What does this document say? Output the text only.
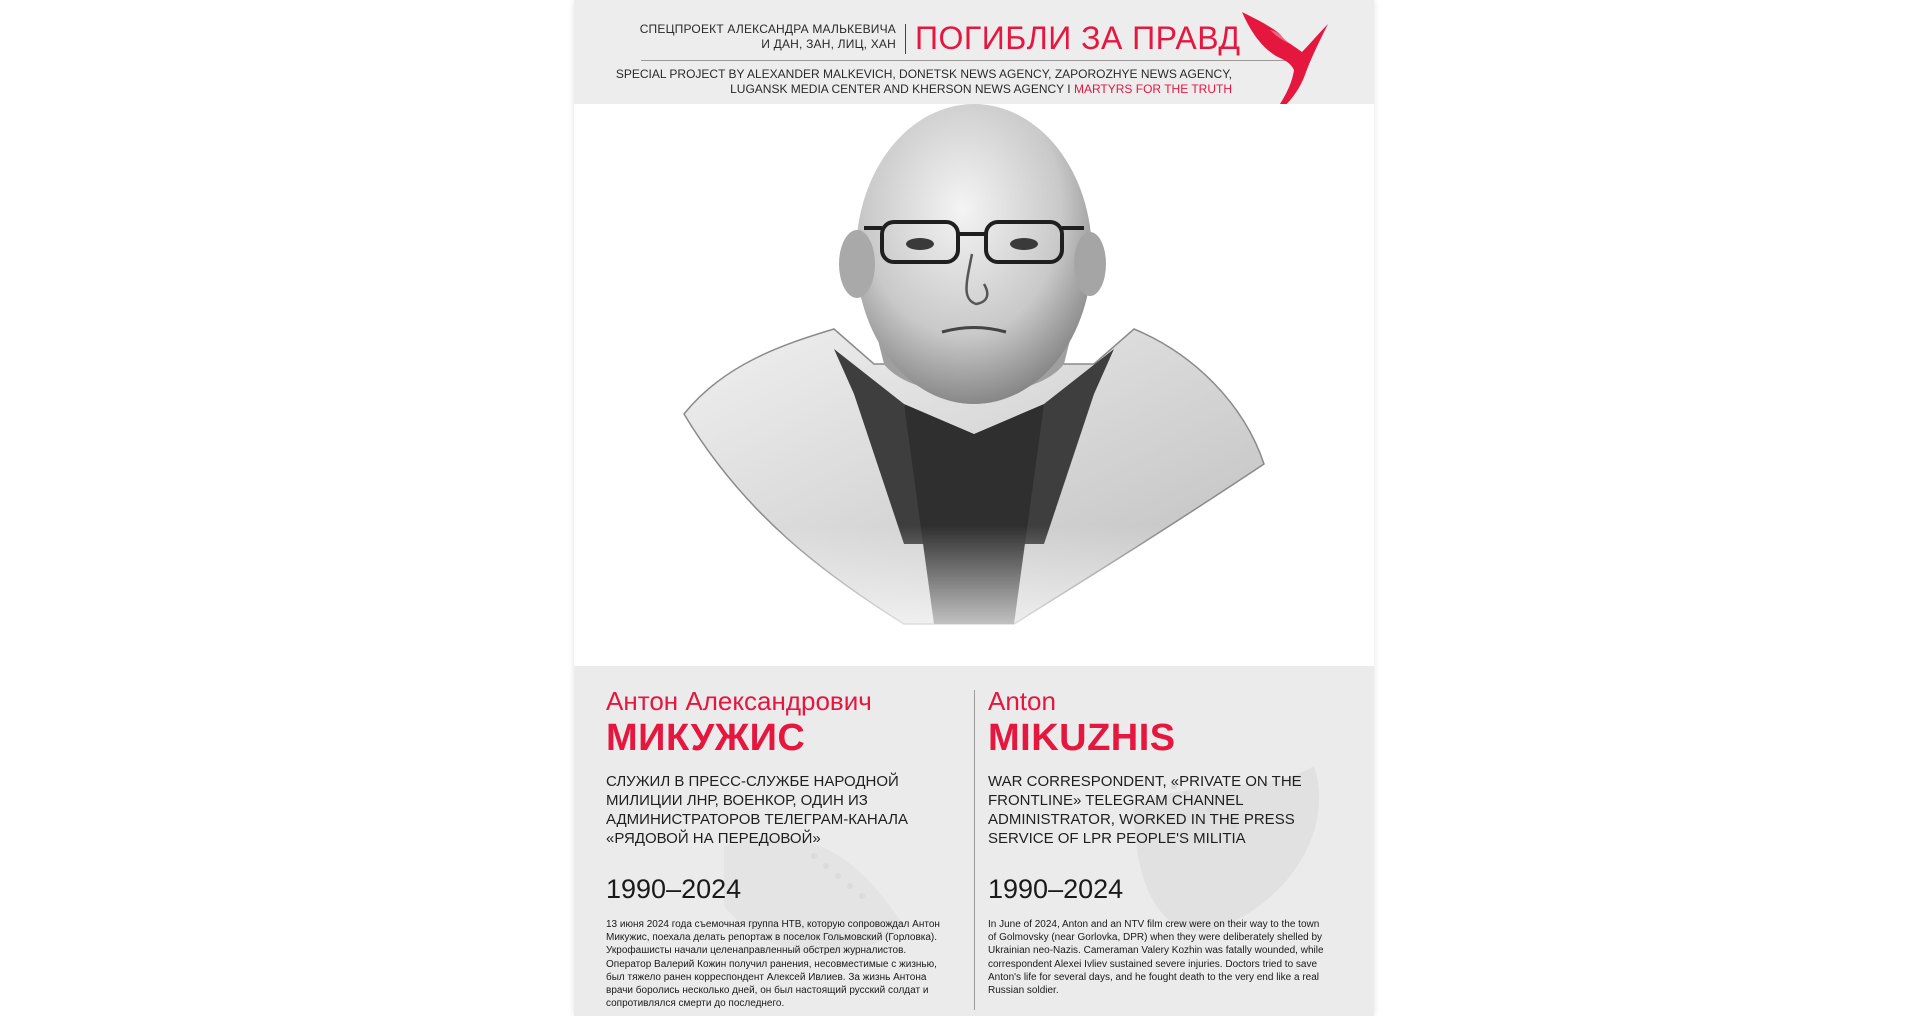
СПЕЦПРОЕКТ АЛЕКСАНДРА МАЛЬКЕВИЧА
И ДАН, ЗАН, ЛИЦ, ХАН ПОГИБЛИ ЗА ПРАВД
SPECIAL PROJECT BY ALEXANDER MALKEVICH, DONETSK NEWS AGENCY, ZAPOROZHYE NEWS AGENCY,
LUGANSK MEDIA CENTER AND KHERSON NEWS AGENCY I MARTYRS FOR THE TRUTH

Антон Александрович

МИКУЖИС

СЛУЖИЛ В ПРЕСС-СЛУЖБЕ НАРОДНОЙ МИЛИЦИИ ЛНР, ВОЕНКОР, ОДИН ИЗ АДМИНИСТРАТОРОВ ТЕЛЕГРАМ-КАНАЛА «РЯДОВОЙ НА ПЕРЕДОВОЙ»
1990–2024
13 июня 2024 года съемочная группа НТВ, которую сопровождал Антон Микужис, поехала делать репортаж в поселок Гольмовский (Горловка). Укрофашисты начали целенаправленный обстрел журналистов. Оператор Валерий Кожин получил ранения, несовместимые с жизнью, был тяжело ранен корреспондент Алексей Ивлиев. За жизнь Антона врачи боролись несколько дней, он был настоящий русский солдат и сопротивлялся смерти до последнего.

Anton

MIKUZHIS

WAR CORRESPONDENT, «PRIVATE ON THE FRONTLINE» TELEGRAM CHANNEL ADMINISTRATOR, WORKED IN THE PRESS SERVICE OF LPR PEOPLE'S MILITIA
1990–2024
In June of 2024, Anton and an NTV film crew were on their way to the town of Golmovsky (near Gorlovka, DPR) when they were deliberately shelled by Ukrainian neo-Nazis. Cameraman Valery Kozhin was fatally wounded, while correspondent Alexei Ivliev sustained severe injuries. Doctors tried to save Anton's life for several days, and he fought death to the very end like a real Russian soldier.
